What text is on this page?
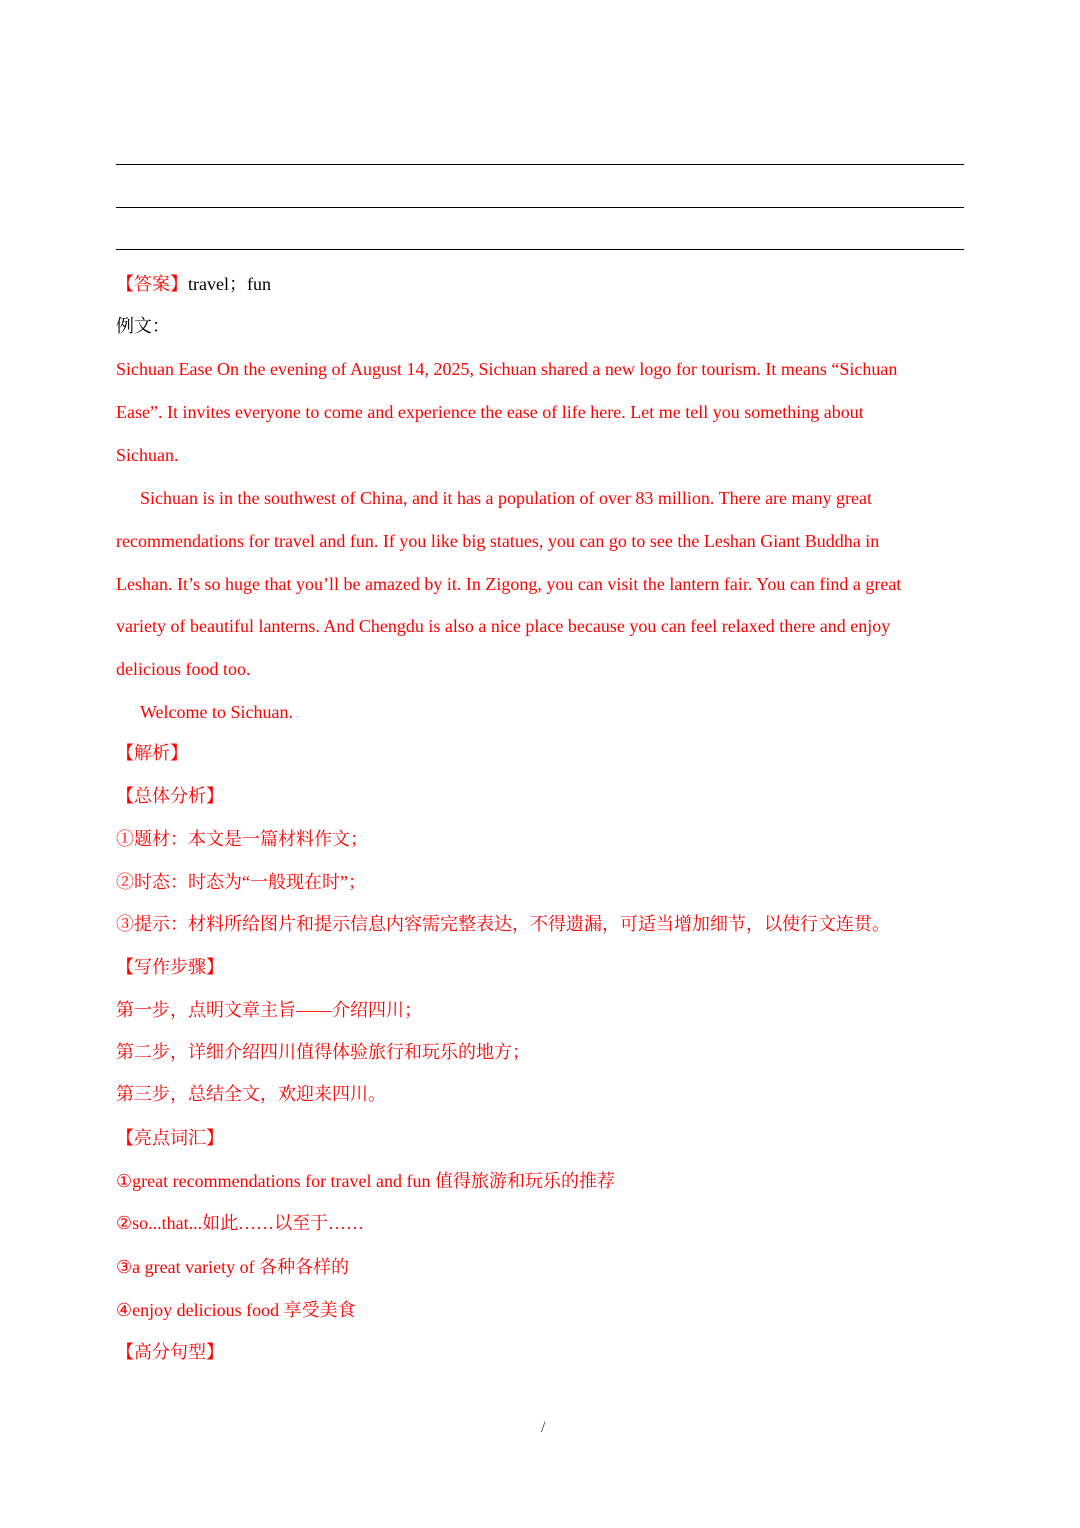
【答案】travel；fun
例文：
Sichuan Ease On the evening of August 14, 2025, Sichuan shared a new logo for tourism. It means “Sichuan
Ease”. It invites everyone to come and experience the ease of life here. Let me tell you something about
Sichuan.
Sichuan is in the southwest of China, and it has a population of over 83 million. There are many great
recommendations for travel and fun. If you like big statues, you can go to see the Leshan Giant Buddha in
Leshan. It’s so huge that you’ll be amazed by it. In Zigong, you can visit the lantern fair. You can find a great
variety of beautiful lanterns. And Chengdu is also a nice place because you can feel relaxed there and enjoy
delicious food too.
Welcome to Sichuan.
【解析】
【总体分析】
①题材：本文是一篇材料作文；
②时态：时态为“一般现在时”；
③提示：材料所给图片和提示信息内容需完整表达，不得遗漏，可适当增加细节，以使行文连贯。
【写作步骤】
第一步，点明文章主旨——介绍四川；
第二步，详细介绍四川值得体验旅行和玩乐的地方；
第三步，总结全文，欢迎来四川。
【亮点词汇】
①great recommendations for travel and fun 值得旅游和玩乐的推荐
②so...that...如此……以至于……
③a great variety of 各种各样的
④enjoy delicious food 享受美食
【高分句型】
/
